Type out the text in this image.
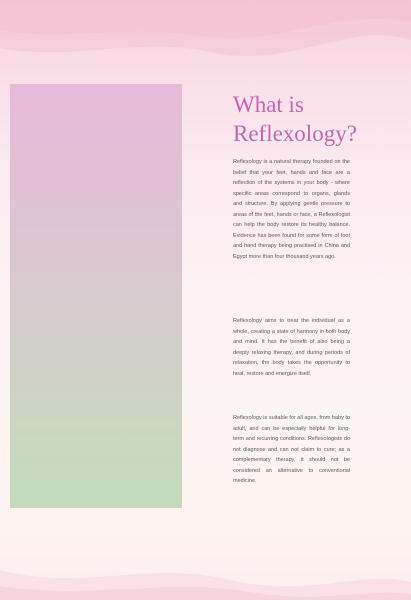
What is Reflexology?

Reflexology is a natural therapy founded on the belief that your feet, hands and face are a reflection of the systems in your body - where specific areas correspond to organs, glands and structure. By applying gentle pressure to areas of the feet, hands or face, a Reflexologist can help the body restore its healthy balance. Evidence has been found for some form of foot and hand therapy being practised in China and Egypt more than four thousand years ago.

Reflexology aims to treat the individual as a whole, creating a state of harmony in both body and mind. It has the benefit of also being a deeply relaxing therapy, and during periods of relaxation, the body takes the opportunity to heal, restore and energize itself.

Reflexology is suitable for all ages, from baby to adult, and can be especially helpful for long-term and recurring conditions. Reflexologists do not diagnose and can not claim to cure; as a complementary therapy, it should not be considered an alternative to conventional medicine.
